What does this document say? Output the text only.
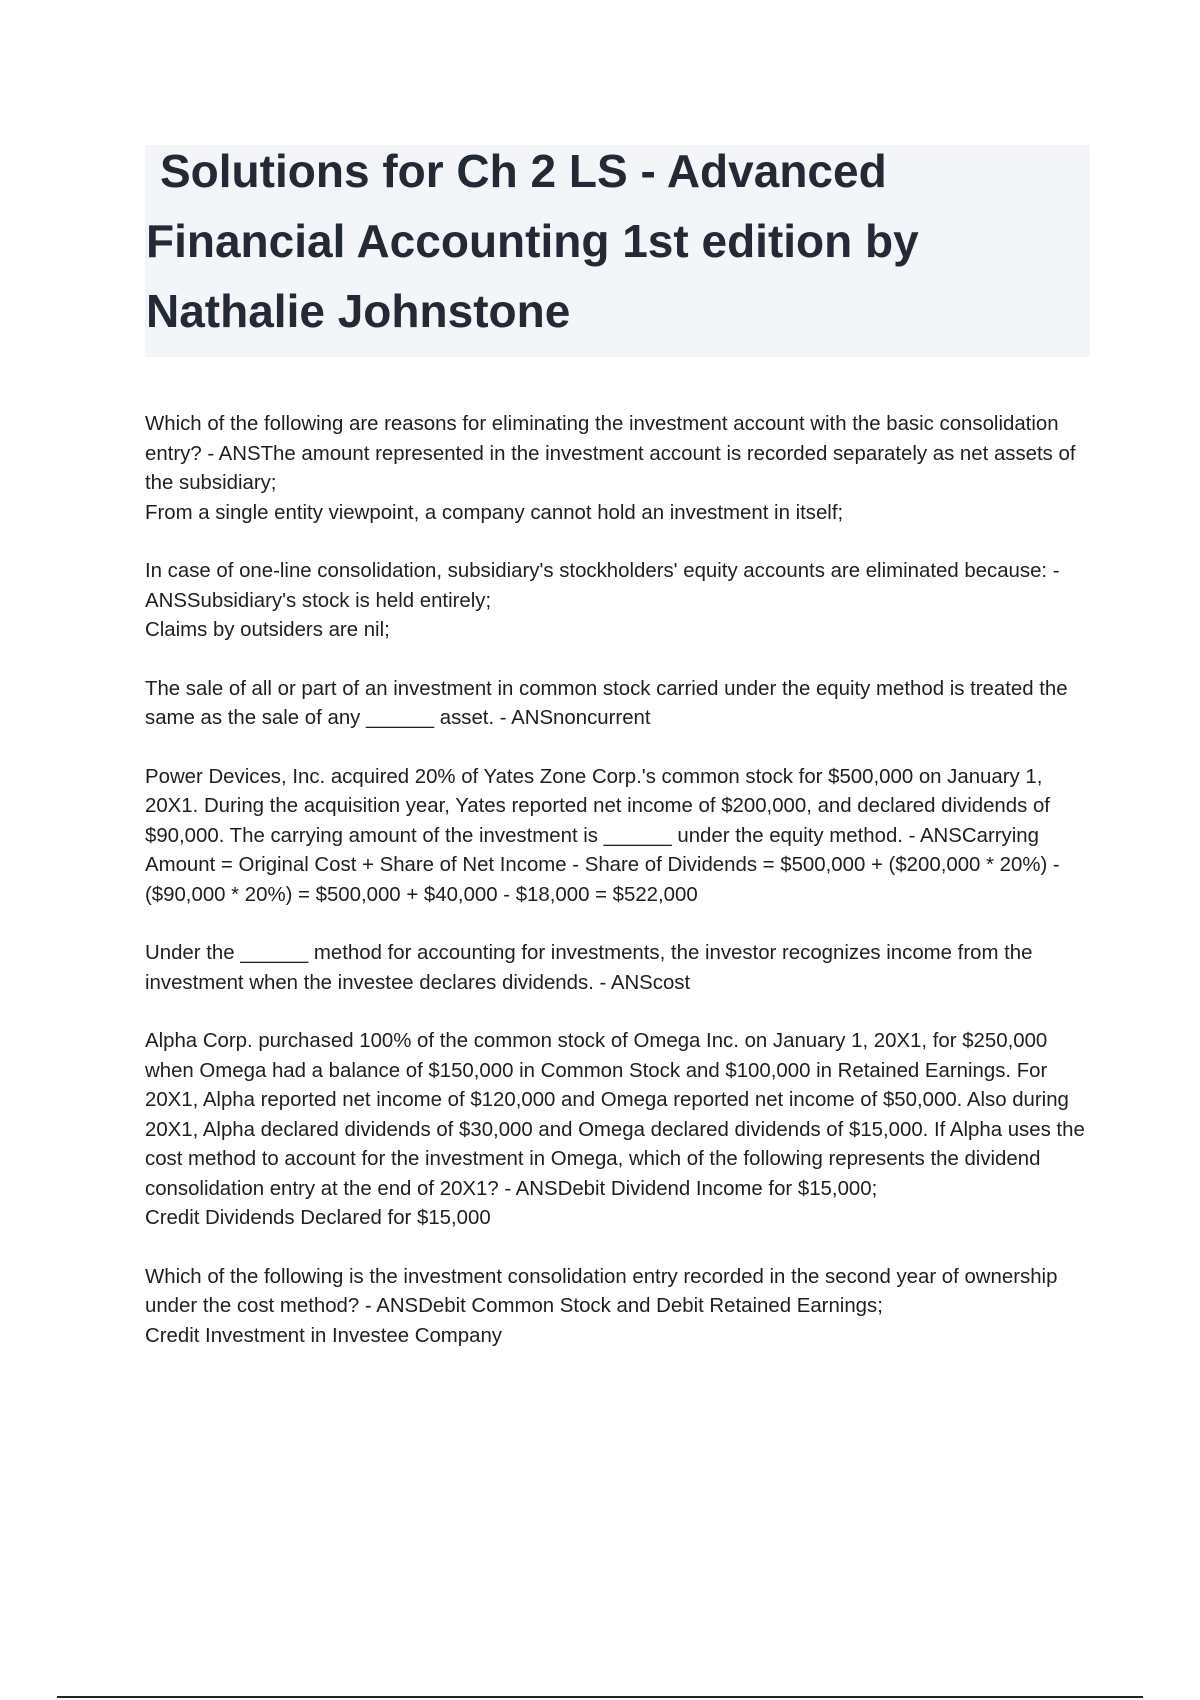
Solutions for Ch 2 LS - Advanced Financial Accounting 1st edition by Nathalie Johnstone

Which of the following are reasons for eliminating the investment account with the basic consolidation entry? - ANSThe amount represented in the investment account is recorded separately as net assets of the subsidiary;

From a single entity viewpoint, a company cannot hold an investment in itself;

In case of one-line consolidation, subsidiary's stockholders' equity accounts are eliminated because: - ANSSubsidiary's stock is held entirely;

Claims by outsiders are nil;

The sale of all or part of an investment in common stock carried under the equity method is treated the same as the sale of any ______ asset. - ANSnoncurrent

Power Devices, Inc. acquired 20% of Yates Zone Corp.'s common stock for $500,000 on January 1, 20X1. During the acquisition year, Yates reported net income of $200,000, and declared dividends of $90,000. The carrying amount of the investment is ______ under the equity method. - ANSCarrying Amount = Original Cost + Share of Net Income - Share of Dividends = $500,000 + ($200,000 * 20%) - ($90,000 * 20%) = $500,000 + $40,000 - $18,000 = $522,000

Under the ______ method for accounting for investments, the investor recognizes income from the investment when the investee declares dividends. - ANScost

Alpha Corp. purchased 100% of the common stock of Omega Inc. on January 1, 20X1, for $250,000 when Omega had a balance of $150,000 in Common Stock and $100,000 in Retained Earnings. For 20X1, Alpha reported net income of $120,000 and Omega reported net income of $50,000. Also during 20X1, Alpha declared dividends of $30,000 and Omega declared dividends of $15,000. If Alpha uses the cost method to account for the investment in Omega, which of the following represents the dividend consolidation entry at the end of 20X1? - ANSDebit Dividend Income for $15,000;

Credit Dividends Declared for $15,000

Which of the following is the investment consolidation entry recorded in the second year of ownership under the cost method? - ANSDebit Common Stock and Debit Retained Earnings;

Credit Investment in Investee Company
